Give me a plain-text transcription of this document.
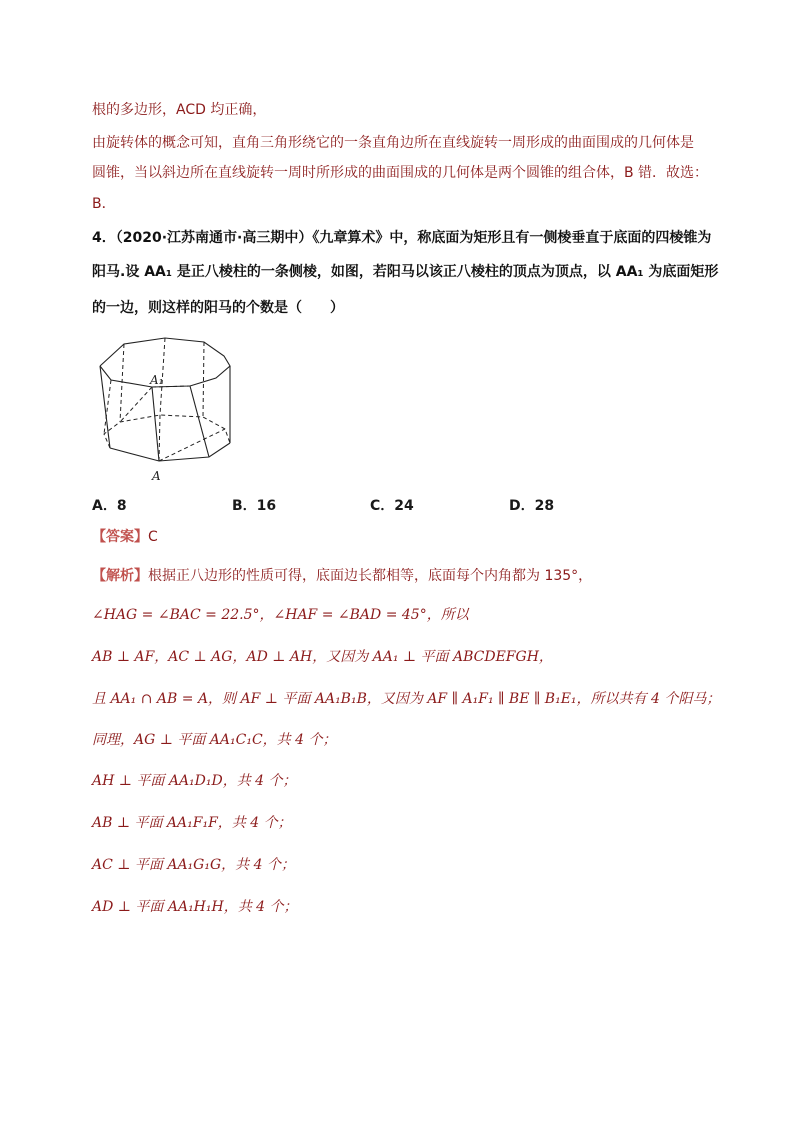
根的多边形，ACD 均正确，
由旋转体的概念可知，直角三角形绕它的一条直角边所在直线旋转一周形成的曲面围成的几何体是
圆锥，当以斜边所在直线旋转一周时所形成的曲面围成的几何体是两个圆锥的组合体，B 错．故选：
B．
4．（2020·江苏南通市·高三期中）《九章算术》中，称底面为矩形且有一侧棱垂直于底面的四棱锥为
阳马.设 AA₁ 是正八棱柱的一条侧棱，如图，若阳马以该正八棱柱的顶点为顶点，以 AA₁ 为底面矩形
的一边，则这样的阳马的个数是（　　）
A₁
A
A．8	B．16	C．24	D．28
【答案】C
【解析】根据正八边形的性质可得，底面边长都相等，底面每个内角都为 135°，
∠HAG = ∠BAC = 22.5°，∠HAF = ∠BAD = 45°，所以
AB ⊥ AF，AC ⊥ AG，AD ⊥ AH，又因为 AA₁ ⊥ 平面 ABCDEFGH，
且 AA₁ ∩ AB = A，则 AF ⊥ 平面 AA₁B₁B，又因为 AF ∥ A₁F₁ ∥ BE ∥ B₁E₁，所以共有 4 个阳马；
同理，AG ⊥ 平面 AA₁C₁C，共 4 个；
AH ⊥ 平面 AA₁D₁D，共 4 个；
AB ⊥ 平面 AA₁F₁F，共 4 个；
AC ⊥ 平面 AA₁G₁G，共 4 个；
AD ⊥ 平面 AA₁H₁H，共 4 个；
